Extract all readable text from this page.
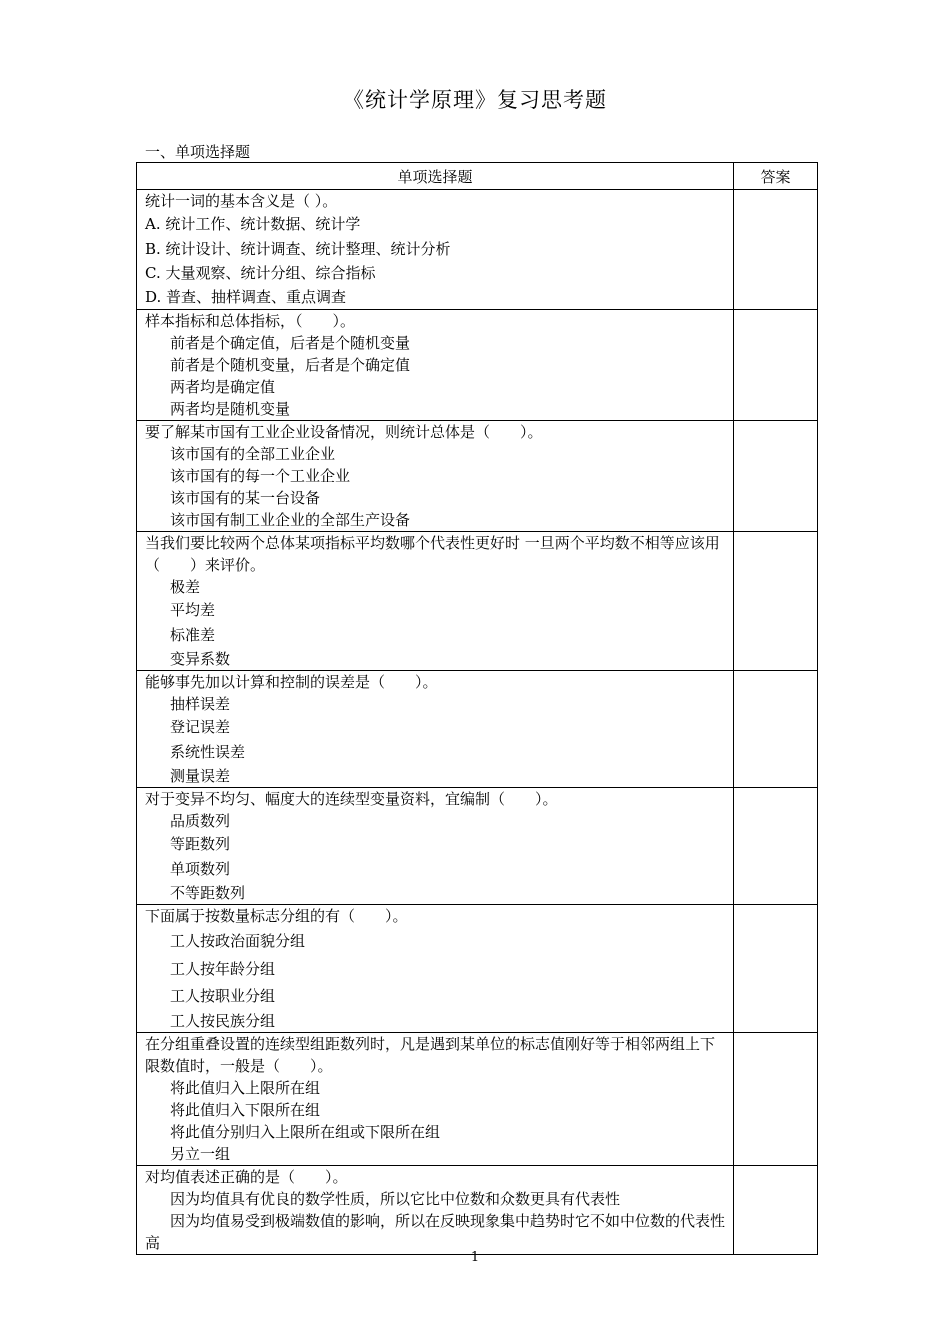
《统计学原理》复习思考题
一、单项选择题
单项选择题	答案

统计一词的基本含义是（ ）。
A. 统计工作、统计数据、统计学
B. 统计设计、统计调查、统计整理、统计分析
C. 大量观察、统计分组、综合指标
D. 普查、抽样调查、重点调查	

样本指标和总体指标，（　　）。
前者是个确定值，后者是个随机变量
前者是个随机变量，后者是个确定值
两者均是确定值
两者均是随机变量	

要了解某市国有工业企业设备情况，则统计总体是（　　）。
该市国有的全部工业企业
该市国有的每一个工业企业
该市国有的某一台设备
该市国有制工业企业的全部生产设备	

当我们要比较两个总体某项指标平均数哪个代表性更好时 一旦两个平均数不相等应该用（　　）来评价。
极差
平均差
标准差
变异系数	

能够事先加以计算和控制的误差是（　　）。
抽样误差
登记误差
系统性误差
测量误差	

对于变异不均匀、幅度大的连续型变量资料，宜编制（　　）。
品质数列
等距数列
单项数列
不等距数列	

下面属于按数量标志分组的有（　　）。
工人按政治面貌分组
工人按年龄分组
工人按职业分组
工人按民族分组	

在分组重叠设置的连续型组距数列时，凡是遇到某单位的标志值刚好等于相邻两组上下限数值时，一般是（　　）。
将此值归入上限所在组
将此值归入下限所在组
将此值分别归入上限所在组或下限所在组
另立一组	

对均值表述正确的是（　　）。
因为均值具有优良的数学性质，所以它比中位数和众数更具有代表性
因为均值易受到极端数值的影响，所以在反映现象集中趋势时它不如中位数的代表性高	

1
